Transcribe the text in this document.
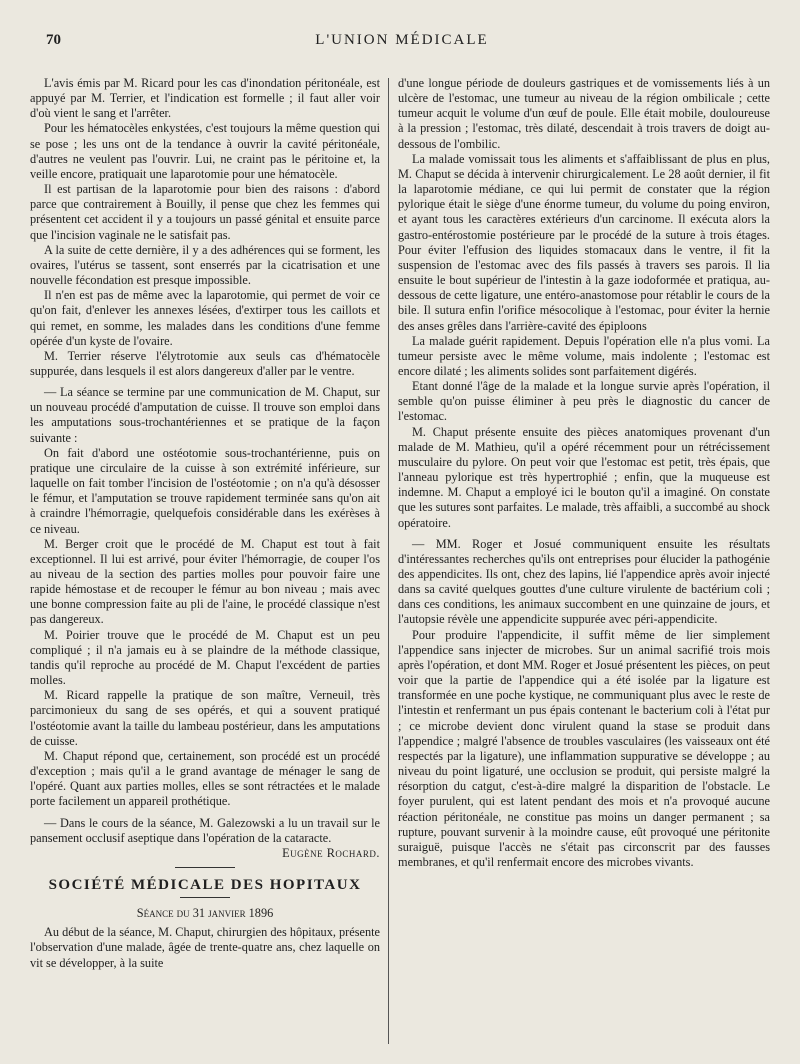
70	L'UNION MÉDICALE

L'avis émis par M. Ricard pour les cas d'inondation péritonéale, est appuyé par M. Terrier, et l'indication est formelle ; il faut aller voir d'où vient le sang et l'arrêter.

Pour les hématocèles enkystées, c'est toujours la même question qui se pose ; les uns ont de la tendance à ouvrir la cavité péritonéale, d'autres ne veulent pas l'ouvrir. Lui, ne craint pas le péritoine et, la veille encore, pratiquait une laparotomie pour une hématocèle.

Il est partisan de la laparotomie pour bien des raisons : d'abord parce que contrairement à Bouilly, il pense que chez les femmes qui présentent cet accident il y a toujours un passé génital et ensuite parce que l'incision vaginale ne le satisfait pas.

A la suite de cette dernière, il y a des adhérences qui se forment, les ovaires, l'utérus se tassent, sont enserrés par la cicatrisation et une nouvelle fécondation est presque impossible.

Il n'en est pas de même avec la laparotomie, qui permet de voir ce qu'on fait, d'enlever les annexes lésées, d'extirper tous les caillots et qui remet, en somme, les malades dans les conditions d'une femme opérée d'un kyste de l'ovaire.

M. Terrier réserve l'élytrotomie aux seuls cas d'hématocèle suppurée, dans lesquels il est alors dangereux d'aller par le ventre.

— La séance se termine par une communication de M. Chaput, sur un nouveau procédé d'amputation de cuisse. Il trouve son emploi dans les amputations sous-trochantériennes et se pratique de la façon suivante :

On fait d'abord une ostéotomie sous-trochantérienne, puis on pratique une circulaire de la cuisse à son extrémité inférieure, sur laquelle on fait tomber l'incision de l'ostéotomie ; on n'a qu'à désosser le fémur, et l'amputation se trouve rapidement terminée sans qu'on ait à craindre l'hémorragie, quelquefois considérable dans les exérèses à ce niveau.

M. Berger croit que le procédé de M. Chaput est tout à fait exceptionnel. Il lui est arrivé, pour éviter l'hémorragie, de couper l'os au niveau de la section des parties molles pour pouvoir faire une rapide hémostase et de recouper le fémur au bon niveau ; mais avec une bonne compression faite au pli de l'aine, le procédé classique n'est pas dangereux.

M. Poirier trouve que le procédé de M. Chaput est un peu compliqué ; il n'a jamais eu à se plaindre de la méthode classique, tandis qu'il reproche au procédé de M. Chaput l'excédent de parties molles.

M. Ricard rappelle la pratique de son maître, Verneuil, très parcimonieux du sang de ses opérés, et qui a souvent pratiqué l'ostéotomie avant la taille du lambeau postérieur, dans les amputations de cuisse.

M. Chaput répond que, certainement, son procédé est un procédé d'exception ; mais qu'il a le grand avantage de ménager le sang de l'opéré. Quant aux parties molles, elles se sont rétractées et le malade porte facilement un appareil prothétique.

— Dans le cours de la séance, M. Galezowski a lu un travail sur le pansement occlusif aseptique dans l'opération de la cataracte.

Eugène Rochard.

SOCIÉTÉ MÉDICALE DES HOPITAUX
Séance du 31 janvier 1896

Au début de la séance, M. Chaput, chirurgien des hôpitaux, présente l'observation d'une malade, âgée de trente-quatre ans, chez laquelle on vit se développer, à la suite

d'une longue période de douleurs gastriques et de vomissements liés à un ulcère de l'estomac, une tumeur au niveau de la région ombilicale ; cette tumeur acquit le volume d'un œuf de poule. Elle était mobile, douloureuse à la pression ; l'estomac, très dilaté, descendait à trois travers de doigt au-dessous de l'ombilic.

La malade vomissait tous les aliments et s'affaiblissant de plus en plus, M. Chaput se décida à intervenir chirurgicalement. Le 28 août dernier, il fit la laparotomie médiane, ce qui lui permit de constater que la région pylorique était le siège d'une énorme tumeur, du volume du poing environ, et ayant tous les caractères extérieurs d'un carcinome. Il exécuta alors la gastro-entérostomie postérieure par le procédé de la suture à trois étages. Pour éviter l'effusion des liquides stomacaux dans le ventre, il fit la suspension de l'estomac avec des fils passés à travers ses parois. Il lia ensuite le bout supérieur de l'intestin à la gaze iodoformée et pratiqua, au-dessous de cette ligature, une entéro-anastomose pour rétablir le cours de la bile. Il sutura enfin l'orifice mésocolique à l'estomac, pour éviter la hernie des anses grêles dans l'arrière-cavité des épiploons

La malade guérit rapidement. Depuis l'opération elle n'a plus vomi. La tumeur persiste avec le même volume, mais indolente ; l'estomac est encore dilaté ; les aliments solides sont parfaitement digérés.

Etant donné l'âge de la malade et la longue survie après l'opération, il semble qu'on puisse éliminer à peu près le diagnostic du cancer de l'estomac.

M. Chaput présente ensuite des pièces anatomiques provenant d'un malade de M. Mathieu, qu'il a opéré récemment pour un rétrécissement musculaire du pylore. On peut voir que l'estomac est petit, très épais, que l'anneau pylorique est très hypertrophié ; enfin, que la muqueuse est indemne. M. Chaput a employé ici le bouton qu'il a imaginé. On constate que les sutures sont parfaites. Le malade, très affaibli, a succombé au shock opératoire.

— MM. Roger et Josué communiquent ensuite les résultats d'intéressantes recherches qu'ils ont entreprises pour élucider la pathogénie des appendicites. Ils ont, chez des lapins, lié l'appendice après avoir injecté dans sa cavité quelques gouttes d'une culture virulente de bactérium coli ; dans ces conditions, les animaux succombent en une quinzaine de jours, et l'autopsie révèle une appendicite suppurée avec péri-appendicite.

Pour produire l'appendicite, il suffit même de lier simplement l'appendice sans injecter de microbes. Sur un animal sacrifié trois mois après l'opération, et dont MM. Roger et Josué présentent les pièces, on peut voir que la partie de l'appendice qui a été isolée par la ligature est transformée en une poche kystique, ne communiquant plus avec le reste de l'intestin et renfermant un pus épais contenant le bacterium coli à l'état pur ; ce microbe devient donc virulent quand la stase se produit dans l'appendice ; malgré l'absence de troubles vasculaires (les vaisseaux ont été respectés par la ligature), une inflammation suppurative se développe ; au niveau du point ligaturé, une occlusion se produit, qui persiste malgré la résorption du catgut, c'est-à-dire malgré la disparition de l'obstacle. Le foyer purulent, qui est latent pendant des mois et n'a provoqué aucune réaction péritonéale, ne constitue pas moins un danger permanent ; sa rupture, pouvant survenir à la moindre cause, eût provoqué une péritonite suraiguë, puisque l'accès ne s'était pas circonscrit par des fausses membranes, et qu'il renfermait encore des microbes vivants.
